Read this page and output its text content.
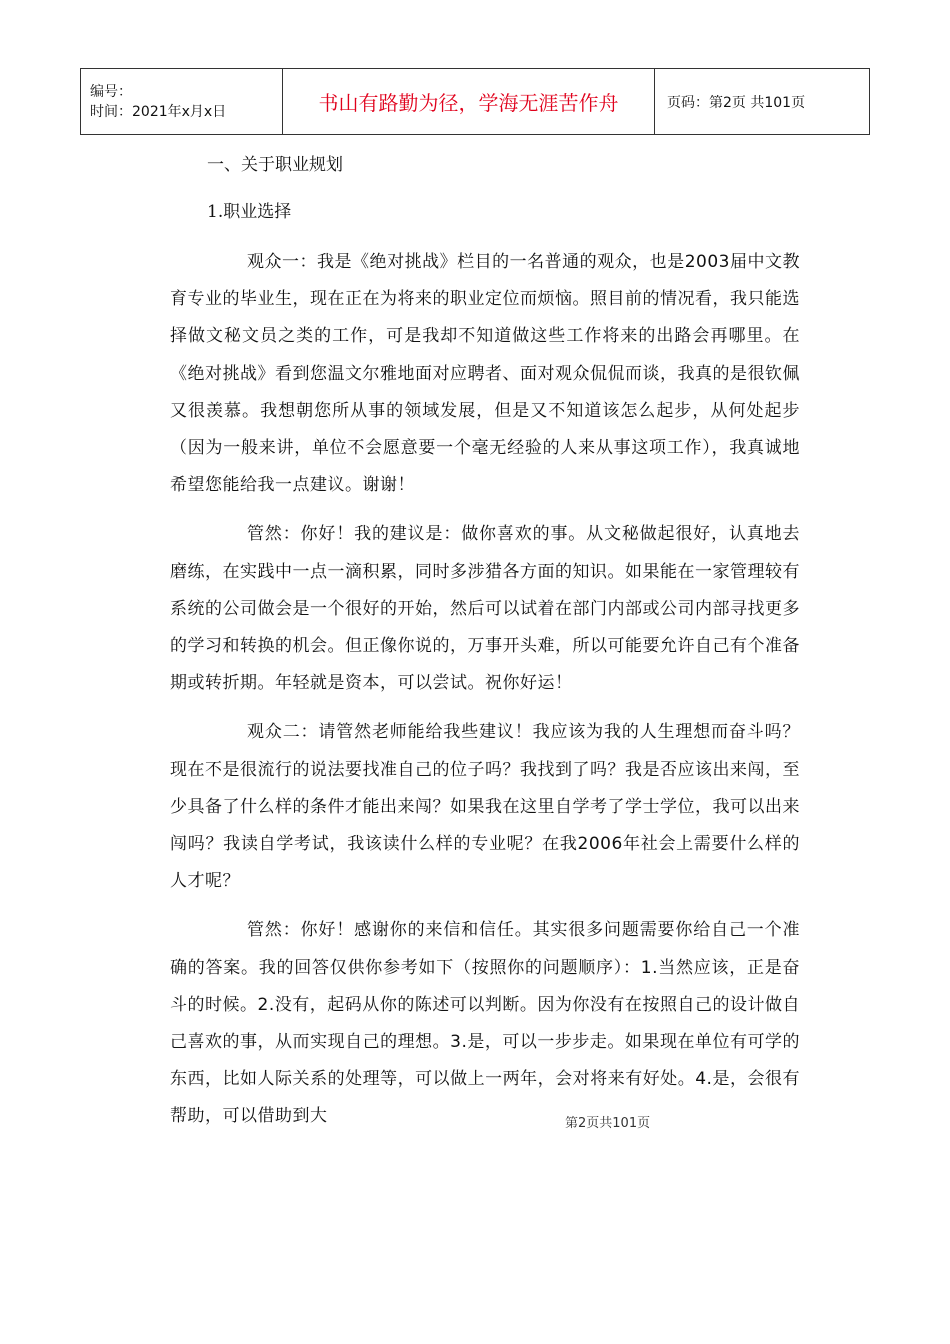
编号：
时间：2021年x月x日	书山有路勤为径，学海无涯苦作舟	页码：第2页 共101页
一、关于职业规划
1.职业选择

观众一：我是《绝对挑战》栏目的一名普通的观众，也是2003届中文教育专业的毕业生，现在正在为将来的职业定位而烦恼。照目前的情况看，我只能选择做文秘文员之类的工作，可是我却不知道做这些工作将来的出路会再哪里。在《绝对挑战》看到您温文尔雅地面对应聘者、面对观众侃侃而谈，我真的是很钦佩又很羡慕。我想朝您所从事的领域发展，但是又不知道该怎么起步，从何处起步（因为一般来讲，单位不会愿意要一个毫无经验的人来从事这项工作），我真诚地希望您能给我一点建议。谢谢！

管然：你好！我的建议是：做你喜欢的事。从文秘做起很好，认真地去磨练，在实践中一点一滴积累，同时多涉猎各方面的知识。如果能在一家管理较有系统的公司做会是一个很好的开始，然后可以试着在部门内部或公司内部寻找更多的学习和转换的机会。但正像你说的，万事开头难，所以可能要允许自己有个准备期或转折期。年轻就是资本，可以尝试。祝你好运！

观众二：请管然老师能给我些建议！我应该为我的人生理想而奋斗吗？现在不是很流行的说法要找准自己的位子吗？我找到了吗？我是否应该出来闯，至少具备了什么样的条件才能出来闯？如果我在这里自学考了学士学位，我可以出来闯吗？我读自学考试，我该读什么样的专业呢？在我2006年社会上需要什么样的人才呢？

管然：你好！感谢你的来信和信任。其实很多问题需要你给自己一个准确的答案。我的回答仅供你参考如下（按照你的问题顺序）：1.当然应该，正是奋斗的时候。2.没有，起码从你的陈述可以判断。因为你没有在按照自己的设计做自己喜欢的事，从而实现自己的理想。3.是，可以一步步走。如果现在单位有可学的东西，比如人际关系的处理等，可以做上一两年，会对将来有好处。4.是，会很有帮助，可以借助到大	第2页共101页
